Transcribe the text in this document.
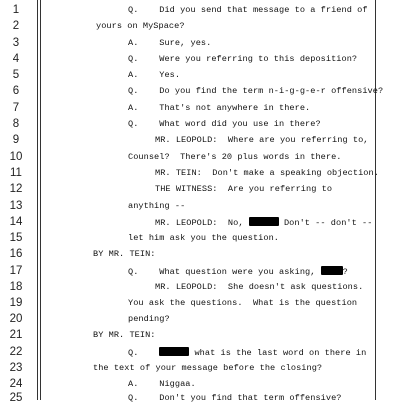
1	Q.    Did you send that message to a friend of
2	yours on MySpace?
3	A.    Sure, yes.
4	Q.    Were you referring to this deposition?
5	A.    Yes.
6	Q.    Do you find the term n-i-g-g-e-r offensive?
7	A.    That's not anywhere in there.
8	Q.    What word did you use in there?
9	MR. LEOPOLD:  Where are you referring to,
10	Counsel?  There's 20 plus words in there.
11	MR. TEIN:  Don't make a speaking objection.
12	THE WITNESS:  Are you referring to
13	anything --
14	MR. LEOPOLD:  No,	Don't -- don't --
15	let him ask you the question.
16	BY MR. TEIN:
17	Q.    What question were you asking,	?
18	MR. LEOPOLD:  She doesn't ask questions.
19	You ask the questions.  What is the question
20	pending?
21	BY MR. TEIN:
22	Q.	what is the last word on there in
23	the text of your message before the closing?
24	A.    Niggaa.
25	Q.    Don't you find that term offensive?
